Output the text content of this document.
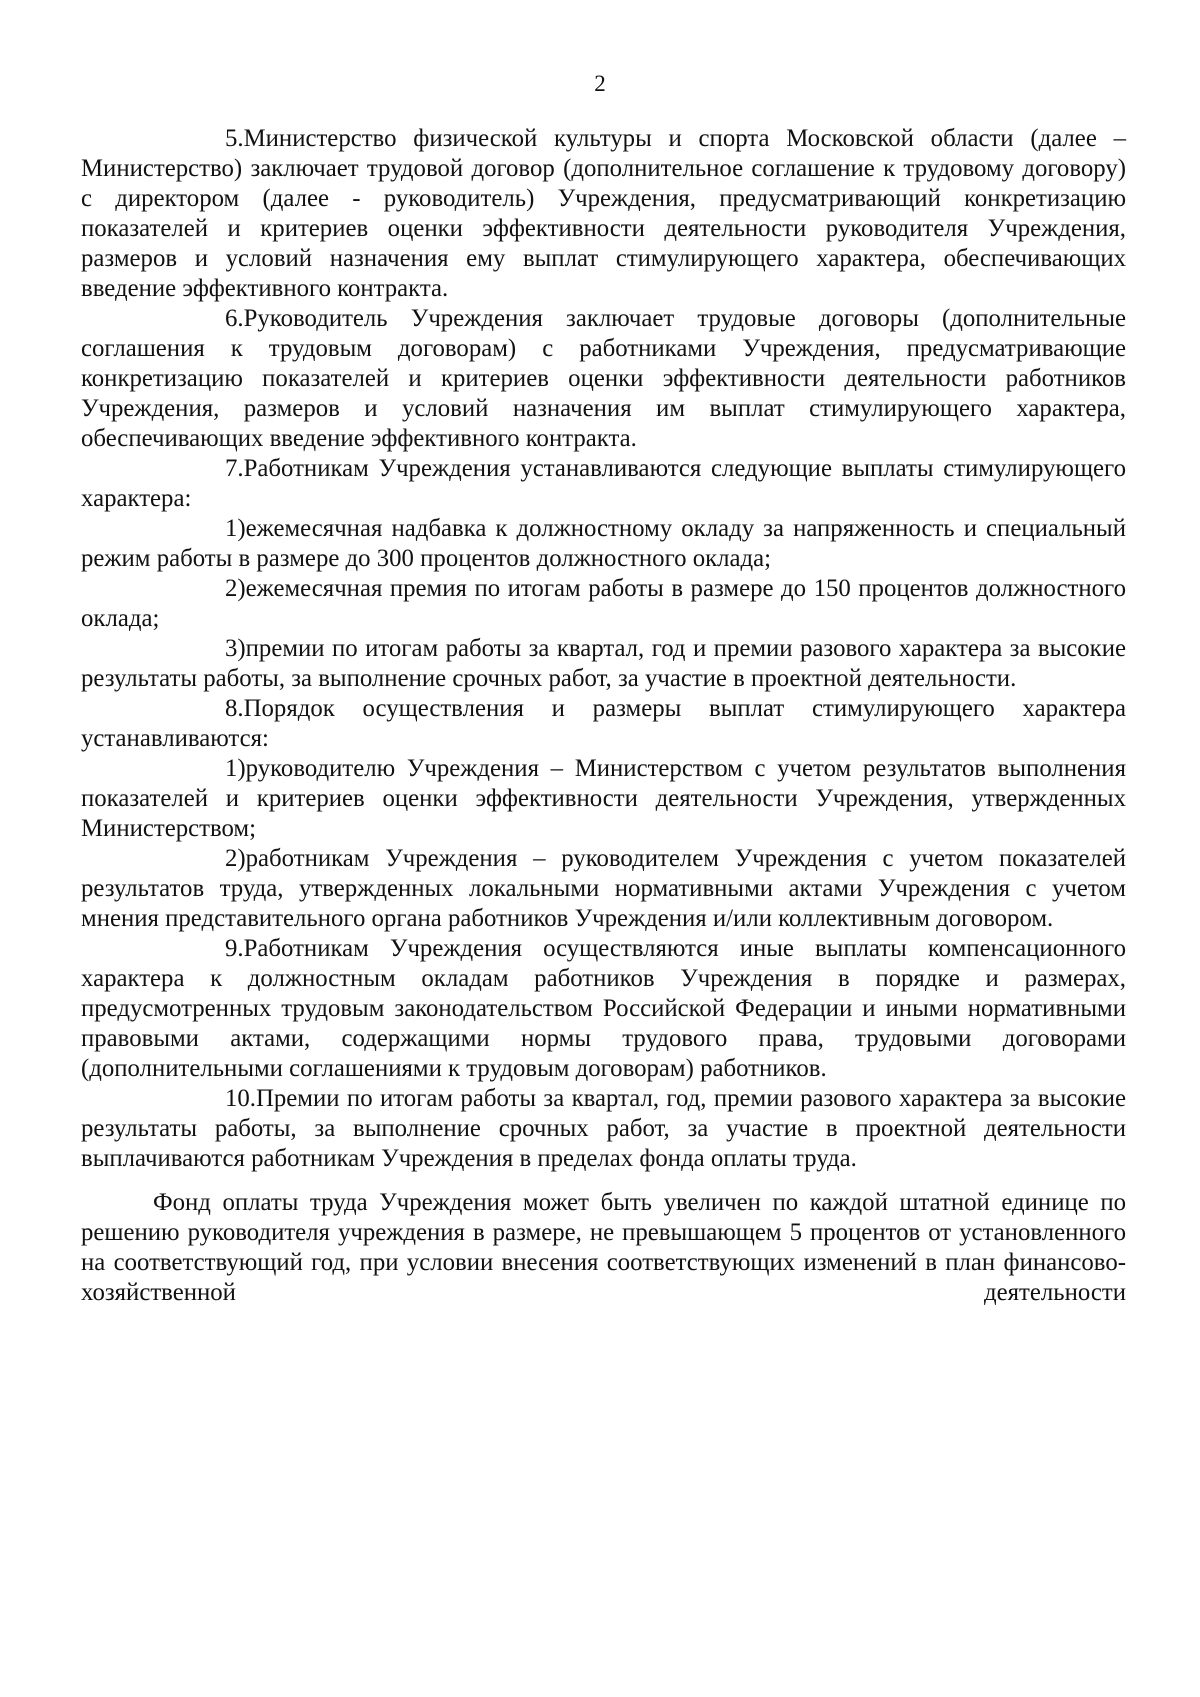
2

5.Министерство физической культуры и спорта Московской области (далее – Министерство) заключает трудовой договор (дополнительное соглашение к трудовому договору) с директором (далее - руководитель) Учреждения, предусматривающий конкретизацию показателей и критериев оценки эффективности деятельности руководителя Учреждения, размеров и условий назначения ему выплат стимулирующего характера, обеспечивающих введение эффективного контракта.

6.Руководитель Учреждения заключает трудовые договоры (дополнительные соглашения к трудовым договорам) с работниками Учреждения, предусматривающие конкретизацию показателей и критериев оценки эффективности деятельности работников Учреждения, размеров и условий назначения им выплат стимулирующего характера, обеспечивающих введение эффективного контракта.

7.Работникам Учреждения устанавливаются следующие выплаты стимулирующего характера:

1)ежемесячная надбавка к должностному окладу за напряженность и специальный режим работы в размере до 300 процентов должностного оклада;

2)ежемесячная премия по итогам работы в размере до 150 процентов должностного оклада;

3)премии по итогам работы за квартал, год и премии разового характера за высокие результаты работы, за выполнение срочных работ, за участие в проектной деятельности.

8.Порядок осуществления и размеры выплат стимулирующего характера устанавливаются:

1)руководителю Учреждения – Министерством с учетом результатов выполнения показателей и критериев оценки эффективности деятельности Учреждения, утвержденных Министерством;

2)работникам Учреждения – руководителем Учреждения с учетом показателей результатов труда, утвержденных локальными нормативными актами Учреждения с учетом мнения представительного органа работников Учреждения и/или коллективным договором.

9.Работникам Учреждения осуществляются иные выплаты компенсационного характера к должностным окладам работников Учреждения в порядке и размерах, предусмотренных трудовым законодательством Российской Федерации и иными нормативными правовыми актами, содержащими нормы трудового права, трудовыми договорами (дополнительными соглашениями к трудовым договорам) работников.

10.Премии по итогам работы за квартал, год, премии разового характера за высокие результаты работы, за выполнение срочных работ, за участие в проектной деятельности выплачиваются работникам Учреждения в пределах фонда оплаты труда.

Фонд оплаты труда Учреждения может быть увеличен по каждой штатной единице по решению руководителя учреждения в размере, не превышающем 5 процентов от установленного на соответствующий год, при условии внесения соответствующих изменений в план финансово-хозяйственной деятельности
